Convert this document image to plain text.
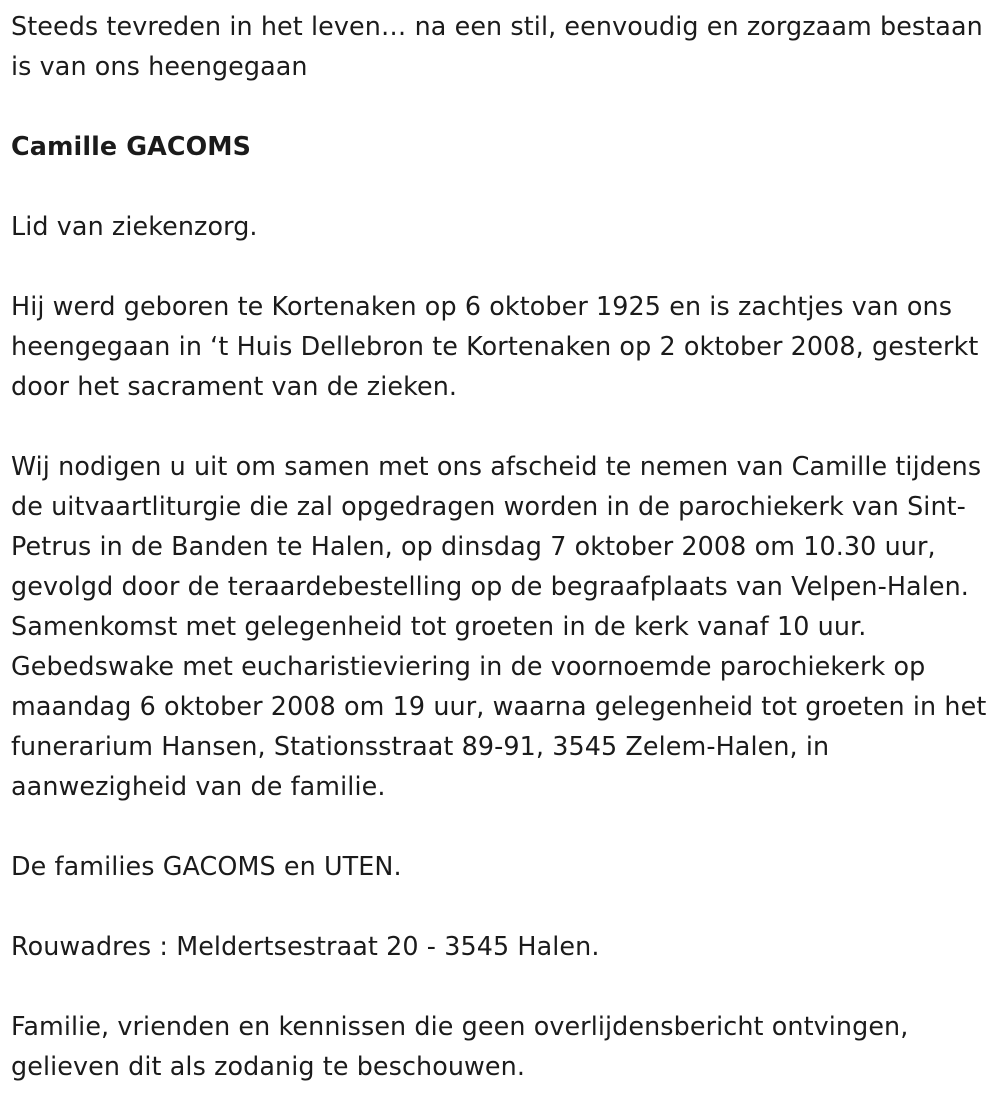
Steeds tevreden in het leven… na een stil, eenvoudig en zorgzaam bestaan is van ons heengegaan

Camille GACOMS

Lid van ziekenzorg.

Hij werd geboren te Kortenaken op 6 oktober 1925 en is zachtjes van ons heengegaan in ‘t Huis Dellebron te Kortenaken op 2 oktober 2008, gesterkt door het sacrament van de zieken.

Wij nodigen u uit om samen met ons afscheid te nemen van Camille tijdens de uitvaartliturgie die zal opgedragen worden in de parochiekerk van Sint-Petrus in de Banden te Halen, op dinsdag 7 oktober 2008 om 10.30 uur, gevolgd door de teraardebestelling op de begraafplaats van Velpen-Halen. Samenkomst met gelegenheid tot groeten in de kerk vanaf 10 uur. Gebedswake met eucharistieviering in de voornoemde parochiekerk op maandag 6 oktober 2008 om 19 uur, waarna gelegenheid tot groeten in het funerarium Hansen, Stationsstraat 89-91, 3545 Zelem-Halen, in aanwezigheid van de familie.

De families GACOMS en UTEN.

Rouwadres : Meldertsestraat 20 - 3545 Halen.

Familie, vrienden en kennissen die geen overlijdensbericht ontvingen, gelieven dit als zodanig te beschouwen.
